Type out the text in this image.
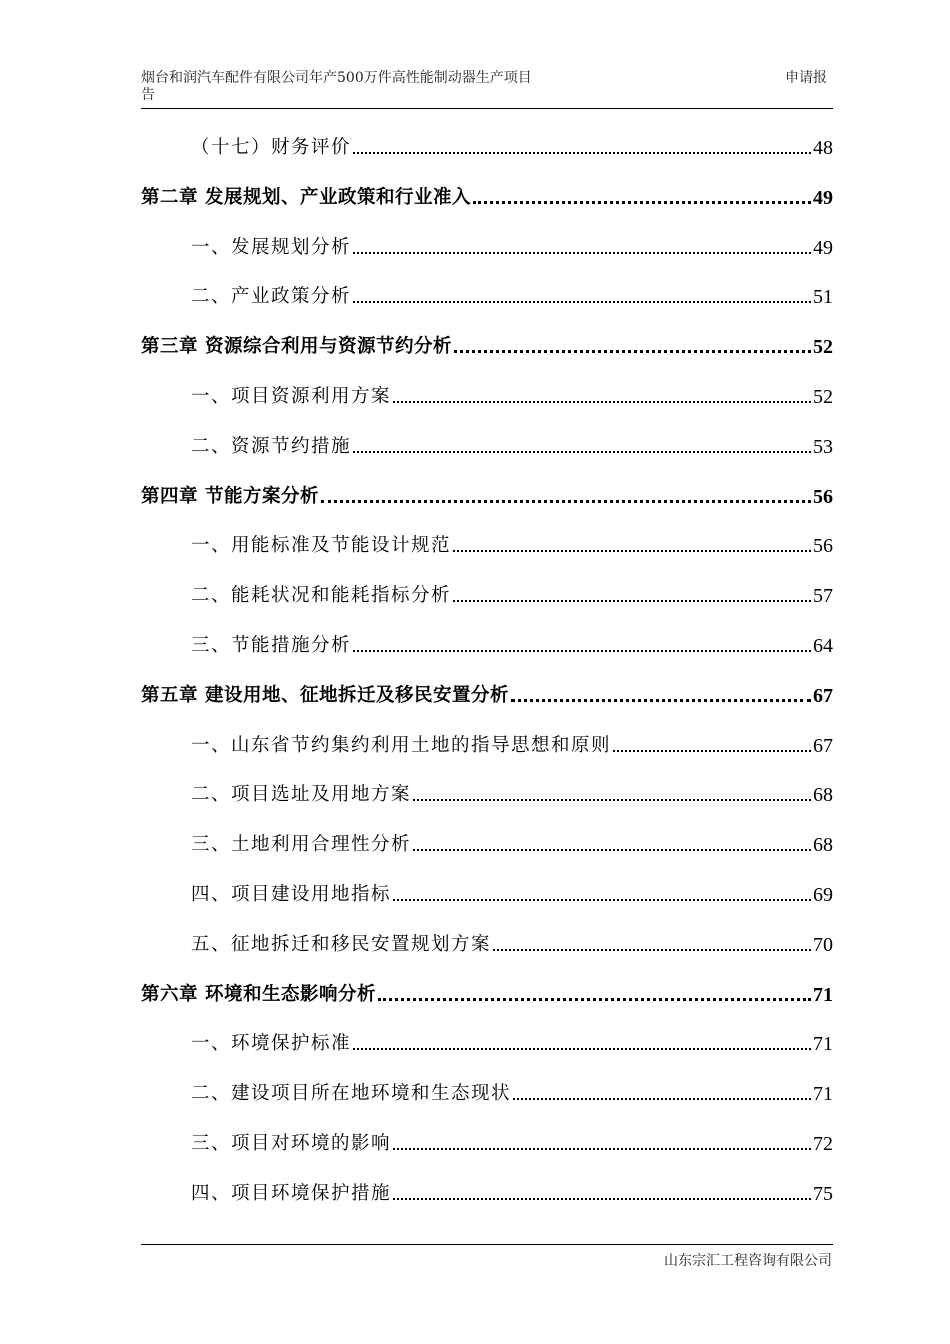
烟台和润汽车配件有限公司年产500万件高性能制动器生产项目
告
申请报
（十七）财务评价	48
第二章 发展规划、产业政策和行业准入	49
一、发展规划分析	49
二、产业政策分析	51
第三章 资源综合利用与资源节约分析	52
一、项目资源利用方案	52
二、资源节约措施	53
第四章 节能方案分析	56
一、用能标准及节能设计规范	56
二、能耗状况和能耗指标分析	57
三、节能措施分析	64
第五章 建设用地、征地拆迁及移民安置分析	67
一、山东省节约集约利用土地的指导思想和原则	67
二、项目选址及用地方案	68
三、土地利用合理性分析	68
四、项目建设用地指标	69
五、征地拆迁和移民安置规划方案	70
第六章 环境和生态影响分析	71
一、环境保护标准	71
二、建设项目所在地环境和生态现状	71
三、项目对环境的影响	72
四、项目环境保护措施	75
山东宗汇工程咨询有限公司
